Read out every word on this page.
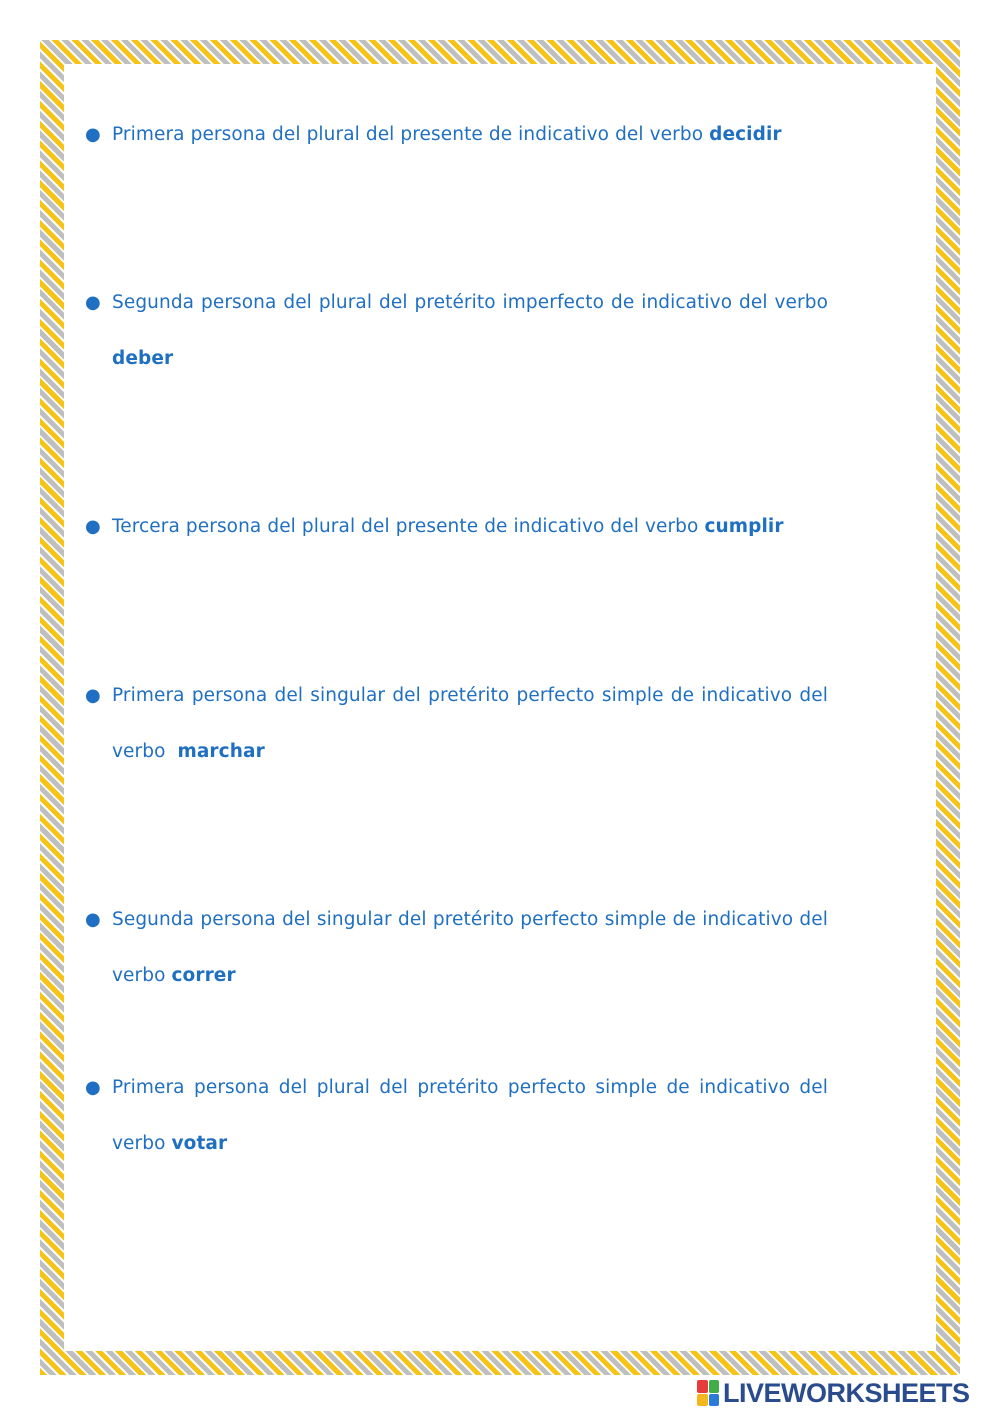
● Primera persona del plural del presente de indicativo del verbo decidir
● Segunda persona del plural del pretérito imperfecto de indicativo del verbo
deber
● Tercera persona del plural del presente de indicativo del verbo cumplir
● Primera persona del singular del pretérito perfecto simple de indicativo del
verbo marchar
● Segunda persona del singular del pretérito perfecto simple de indicativo del
verbo correr
● Primera persona del plural del pretérito perfecto simple de indicativo del
verbo votar
LIVEWORKSHEETS
